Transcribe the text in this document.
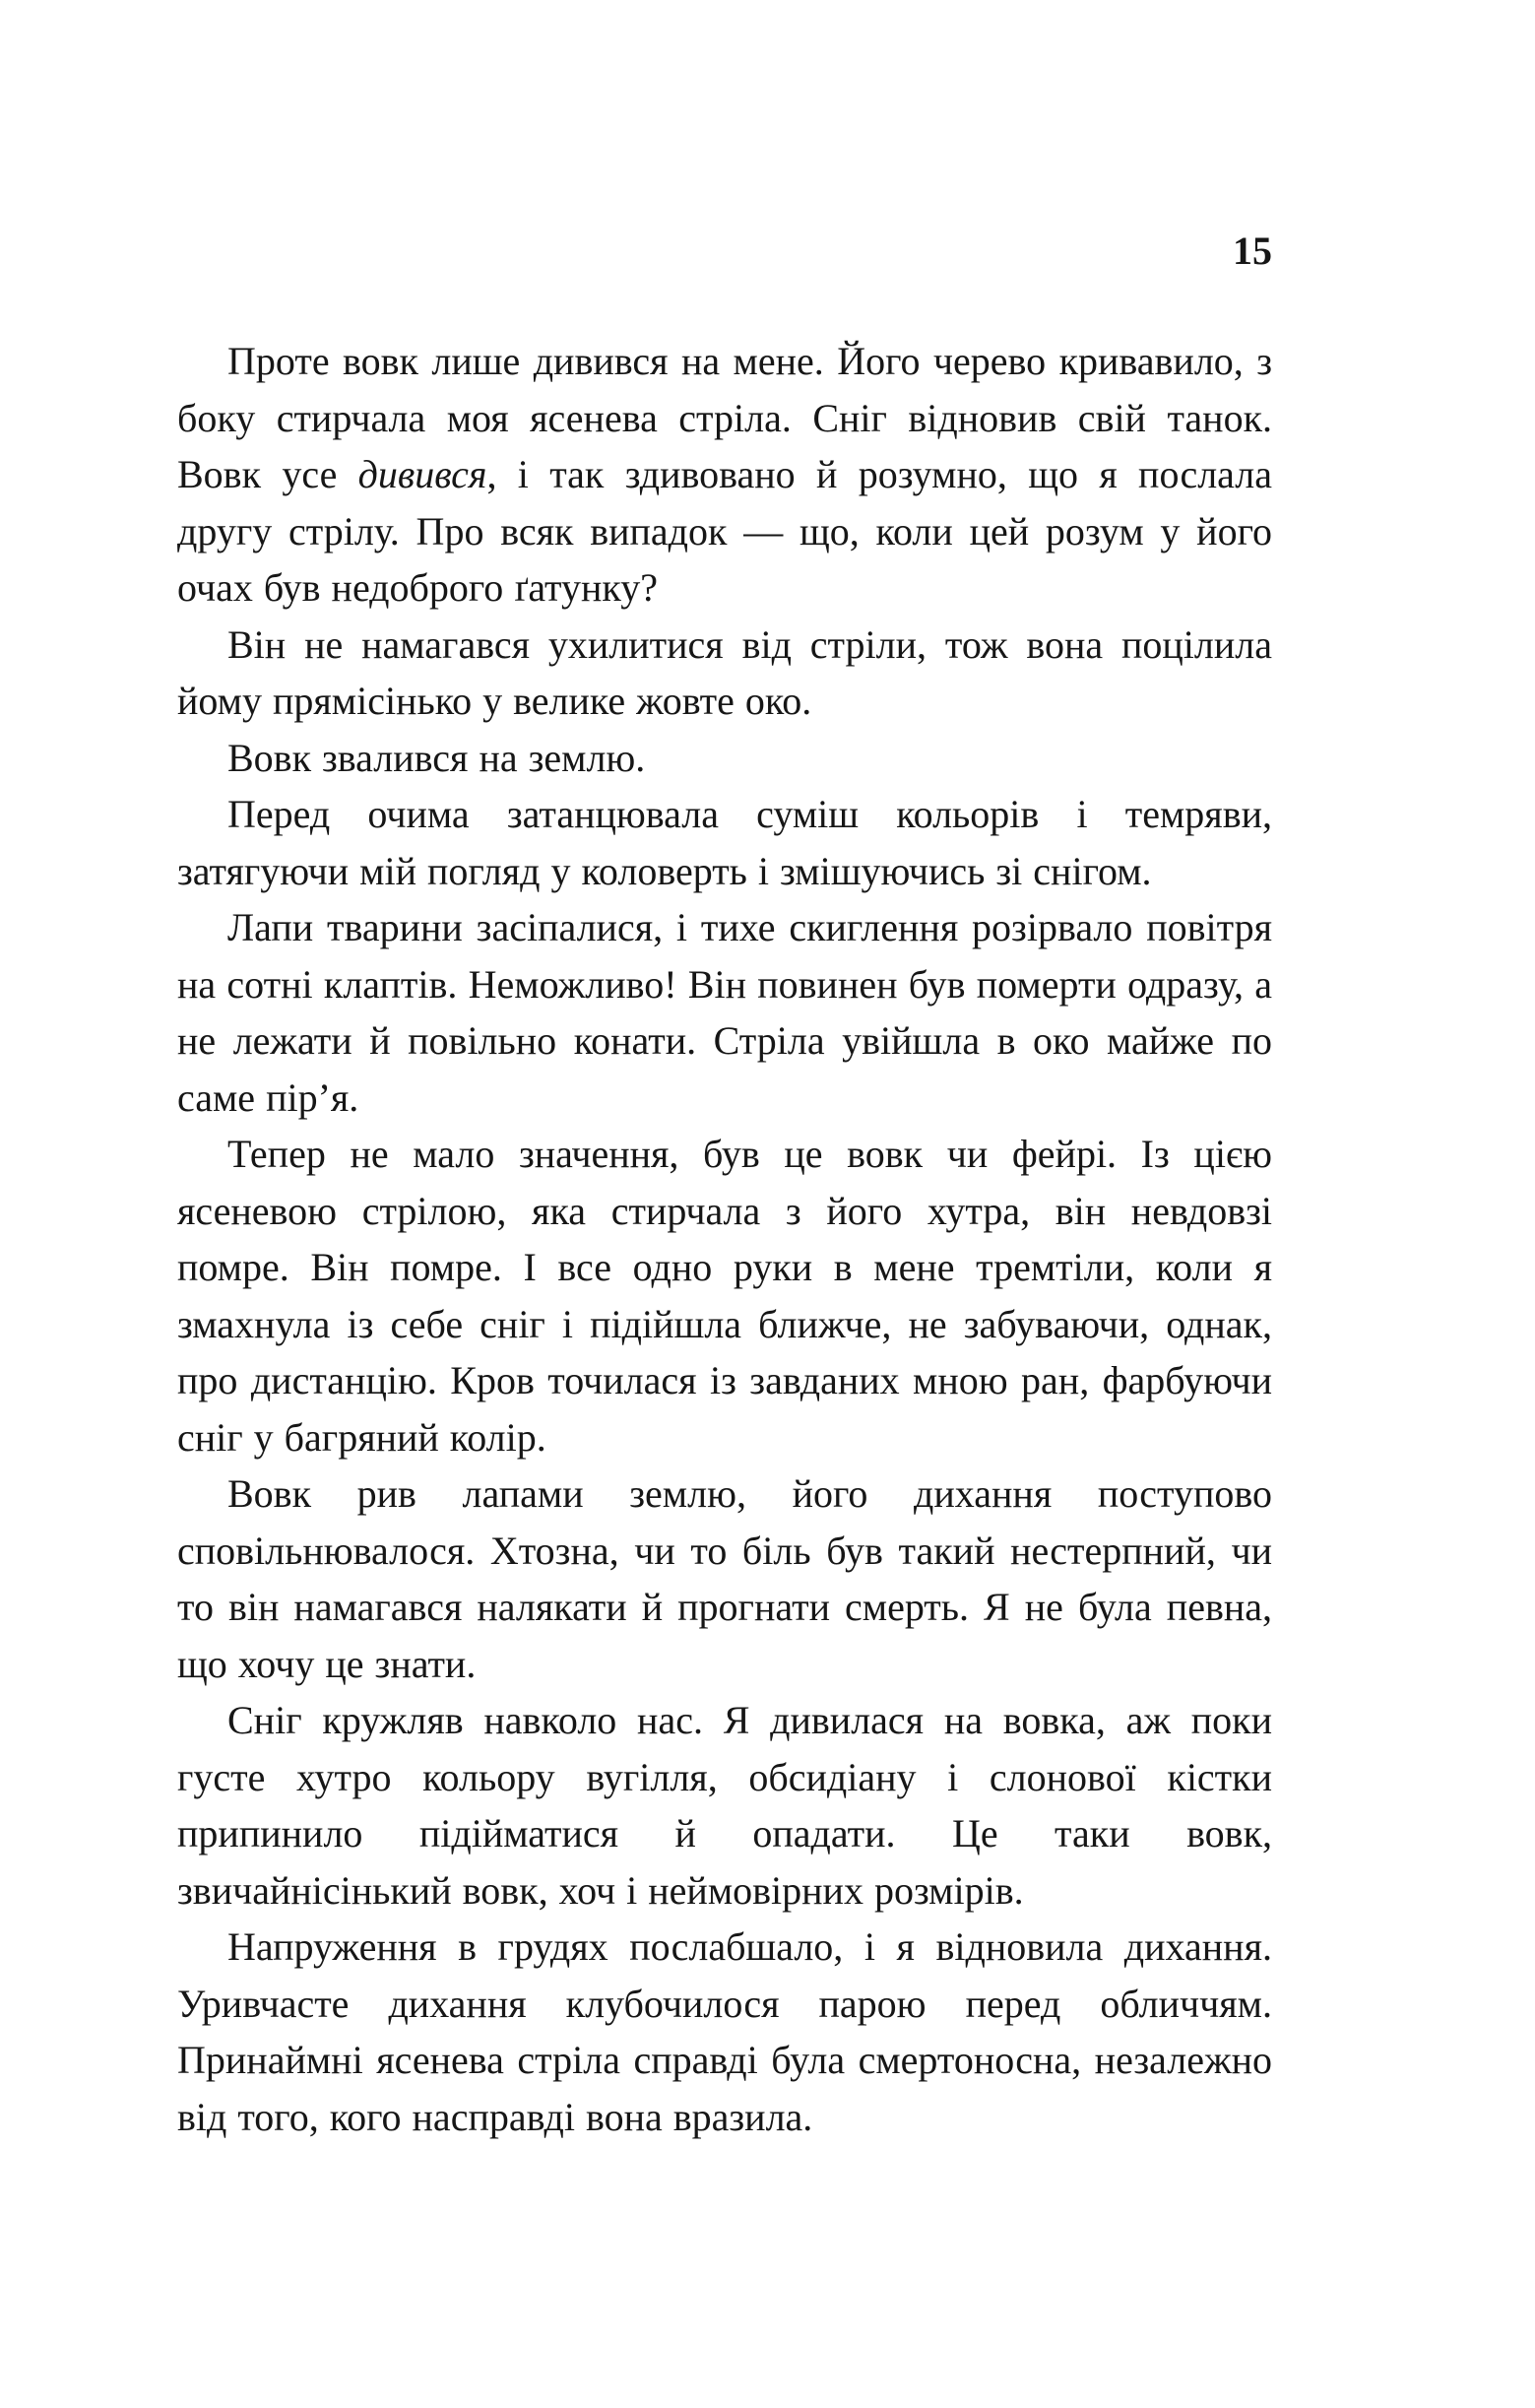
15

Проте вовк лише дивився на мене. Його черево кривавило, з боку стирчала моя ясенева стріла. Сніг відновив свій танок. Вовк усе дивився, і так здивовано й розумно, що я послала другу стрілу. Про всяк випадок — що, коли цей розум у його очах був недоброго ґатунку?

Він не намагався ухилитися від стріли, тож вона поцілила йому прямісінько у велике жовте око.

Вовк звалився на землю.

Перед очима затанцювала суміш кольорів і темряви, затягуючи мій погляд у коловерть і змішуючись зі снігом.

Лапи тварини засіпалися, і тихе скиглення розірвало повітря на сотні клаптів. Неможливо! Він повинен був померти одразу, а не лежати й повільно конати. Стріла увійшла в око майже по саме пір’я.

Тепер не мало значення, був це вовк чи фейрі. Із цією ясеневою стрілою, яка стирчала з його хутра, він невдовзі помре. Він помре. І все одно руки в мене тремтіли, коли я змахнула із себе сніг і підійшла ближче, не забуваючи, однак, про дистанцію. Кров точилася із завданих мною ран, фарбуючи сніг у багряний колір.

Вовк рив лапами землю, його дихання поступово сповільнювалося. Хтозна, чи то біль був такий нестерпний, чи то він намагався налякати й прогнати смерть. Я не була певна, що хочу це знати.

Сніг кружляв навколо нас. Я дивилася на вовка, аж поки густе хутро кольору вугілля, обсидіану і слонової кістки припинило підійматися й опадати. Це таки вовк, звичайнісінький вовк, хоч і неймовірних розмірів.

Напруження в грудях послабшало, і я відновила дихання. Уривчасте дихання клубочилося парою перед обличчям. Принаймні ясенева стріла справді була смертоносна, незалежно від того, кого насправді вона вразила.
